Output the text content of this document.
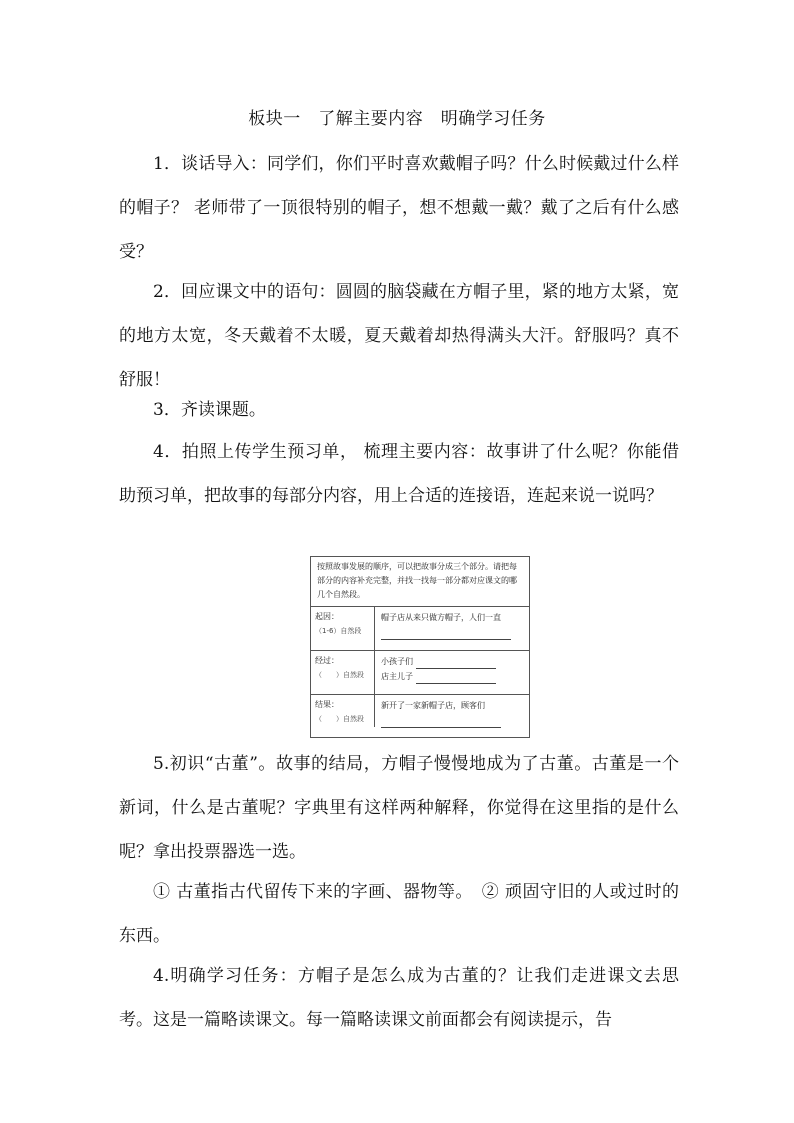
板块一　了解主要内容　明确学习任务

1．谈话导入：同学们，你们平时喜欢戴帽子吗？什么时候戴过什么样的帽子？ 老师带了一顶很特别的帽子，想不想戴一戴？戴了之后有什么感受？

2．回应课文中的语句：圆圆的脑袋藏在方帽子里，紧的地方太紧，宽的地方太宽，冬天戴着不太暖，夏天戴着却热得满头大汗。舒服吗？真不舒服！

3．齐读课题。

4．拍照上传学生预习单， 梳理主要内容：故事讲了什么呢？你能借助预习单，把故事的每部分内容，用上合适的连接语，连起来说一说吗？

按照故事发展的顺序，可以把故事分成三个部分。请把每部分的内容补充完整，并找一找每一部分都对应课文的哪几个自然段。
起因：
（1-6）自然段
帽子店从来只做方帽子，人们一直
经过：
（　　）自然段
小孩子们
店主儿子
结果：
（　　）自然段
新开了一家新帽子店，顾客们

5.初识“古董”。故事的结局，方帽子慢慢地成为了古董。古董是一个新词，什么是古董呢？字典里有这样两种解释，你觉得在这里指的是什么呢？拿出投票器选一选。

① 古董指古代留传下来的字画、器物等。　② 顽固守旧的人或过时的东西。

4.明确学习任务：方帽子是怎么成为古董的？让我们走进课文去思考。这是一篇略读课文。每一篇略读课文前面都会有阅读提示，告
